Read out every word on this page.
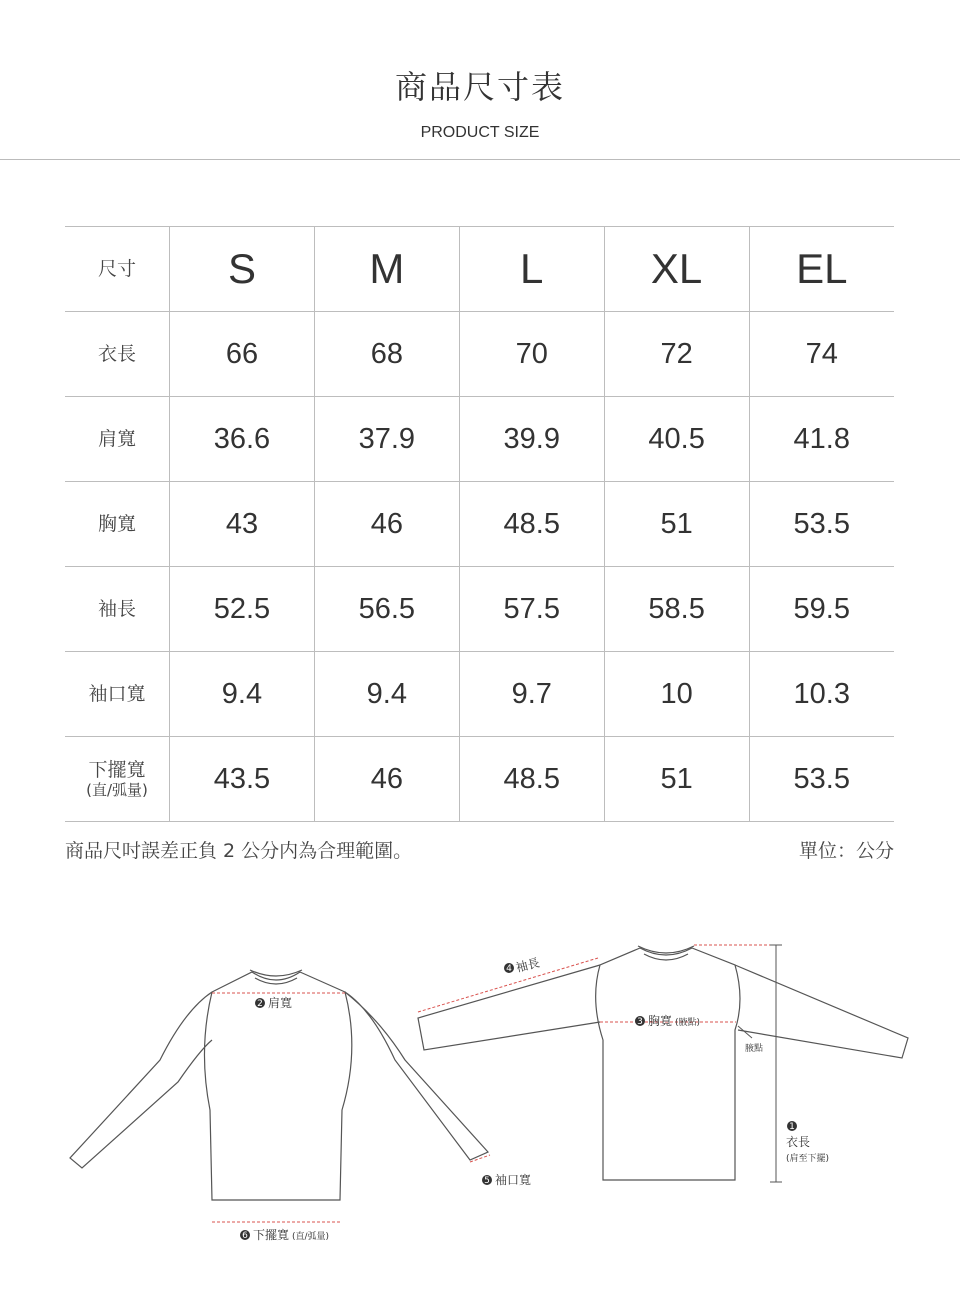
商品尺寸表
PRODUCT SIZE
尺寸	S	M	L	XL	EL
衣長	66	68	70	72	74
肩寬	36.6	37.9	39.9	40.5	41.8
胸寬	43	46	48.5	51	53.5
袖長	52.5	56.5	57.5	58.5	59.5
袖口寬	9.4	9.4	9.7	10	10.3
下擺寬
(直/弧量)	43.5	46	48.5	51	53.5
商品尺吋誤差正負 2 公分内為合理範圍。	單位：公分
2 肩寬
6 下擺寬 (直/弧量)
5 袖口寬
4 袖長
3 胸寬 (腋點)
腋點
1
衣長
(肩至下擺)
